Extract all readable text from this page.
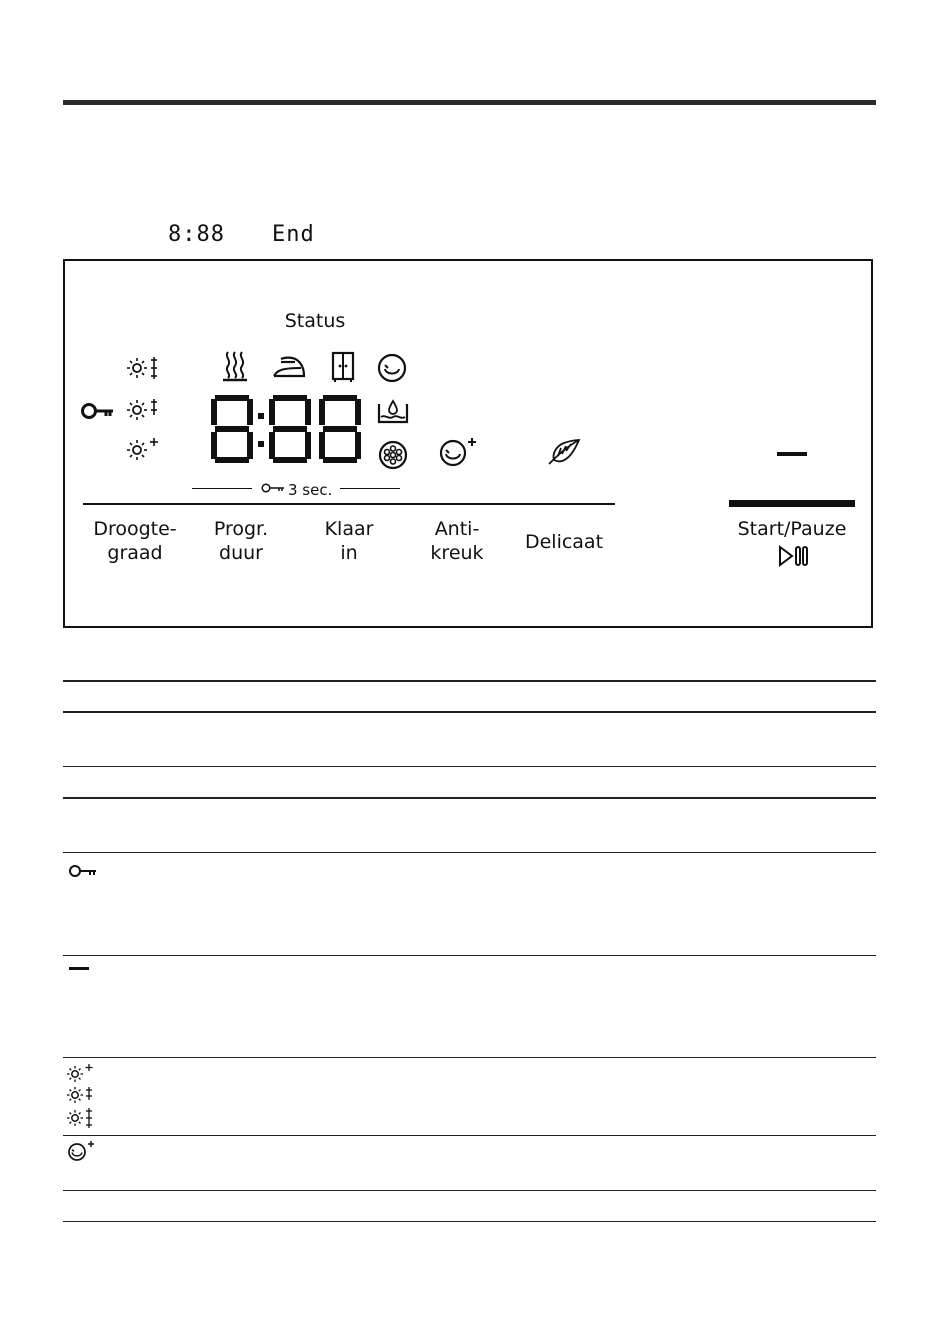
8:88 End
Status
3 sec.
Droogte-
graad
Progr.
duur
Klaar
in
Anti-
kreuk	Delicaat
Start/Pauze
